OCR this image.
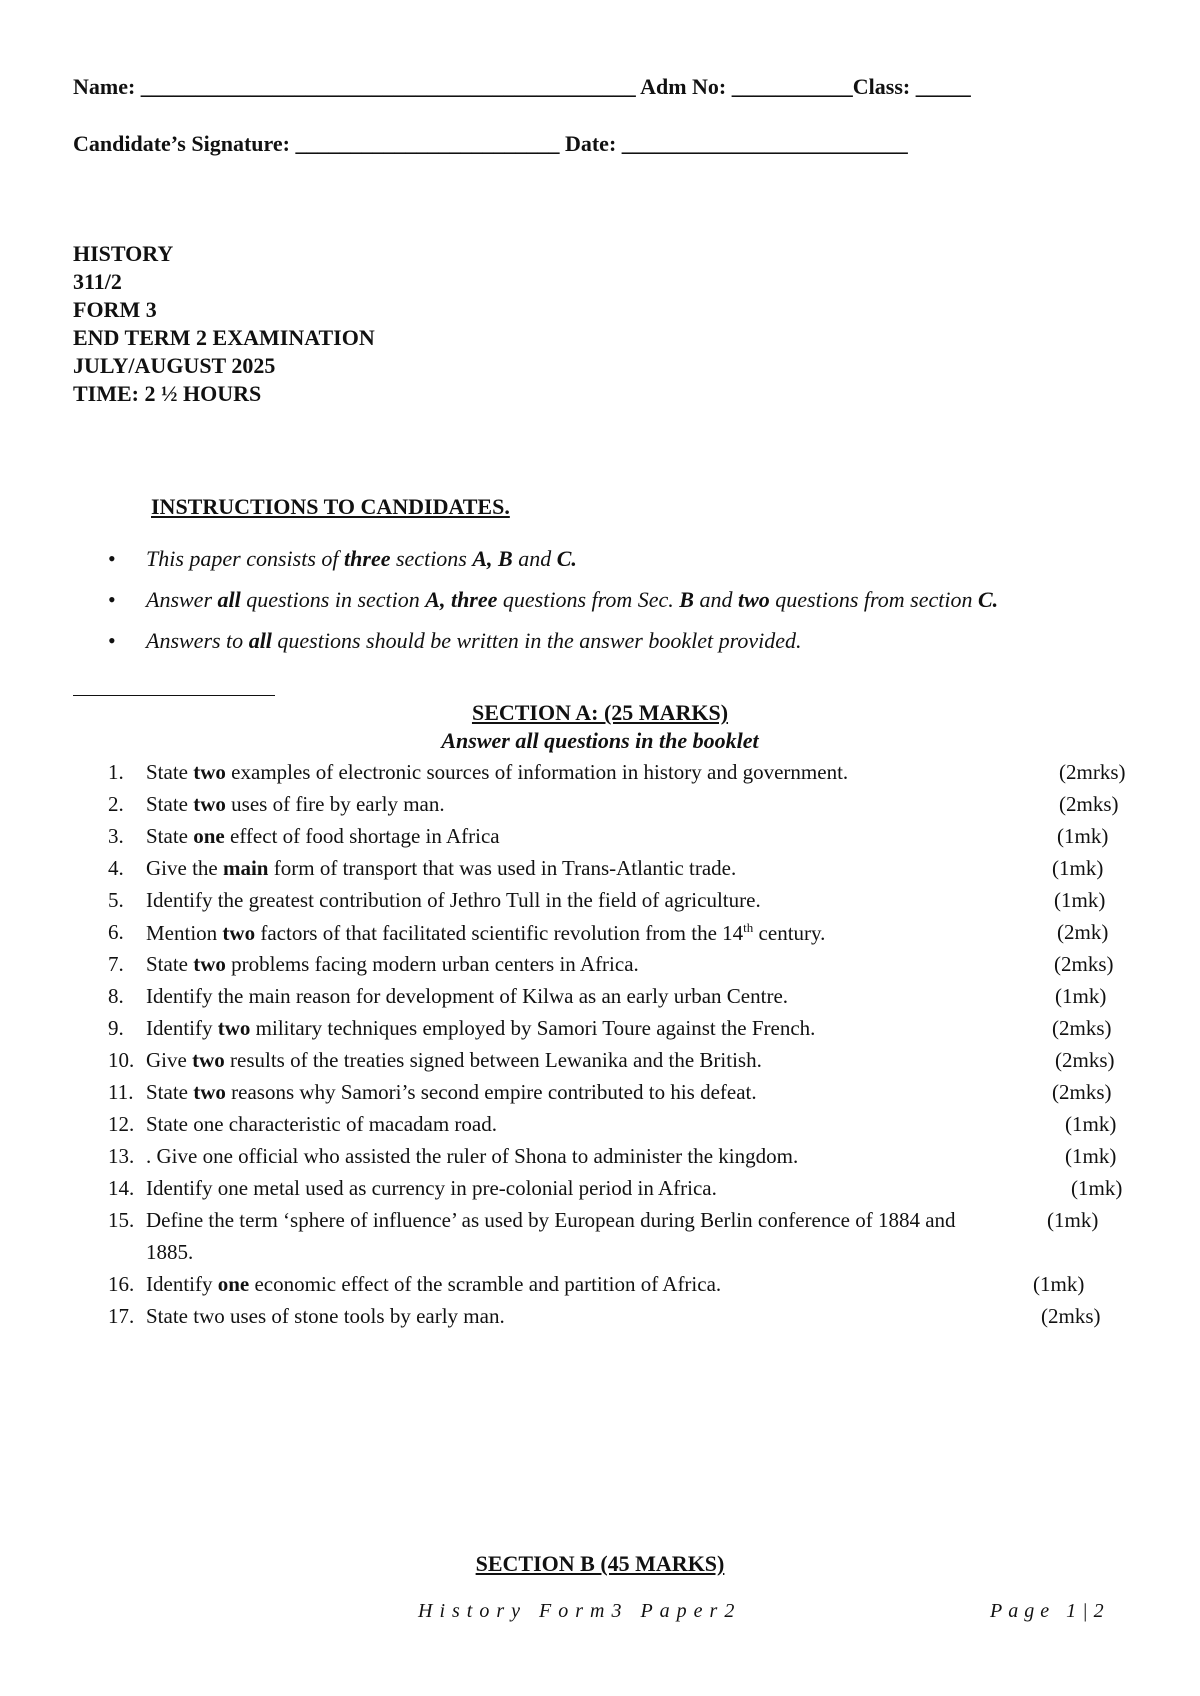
Name: _____________________________________________ Adm No: ___________Class: _____
Candidate’s Signature: ________________________ Date: __________________________
HISTORY
311/2
FORM 3
END TERM 2 EXAMINATION
JULY/AUGUST 2025
TIME: 2 ½ HOURS
INSTRUCTIONS TO CANDIDATES.
• This paper consists of three sections A, B and C.
• Answer all questions in section A, three questions from Sec. B and two questions from section C.
• Answers to all questions should be written in the answer booklet provided.
SECTION A: (25 MARKS)
Answer all questions in the booklet
1. State two examples of electronic sources of information in history and government.	(2mrks)
2. State two uses of fire by early man.	(2mks)
3. State one effect of food shortage in Africa	(1mk)
4. Give the main form of transport that was used in Trans-Atlantic trade.	(1mk)
5. Identify the greatest contribution of Jethro Tull in the field of agriculture.	(1mk)
6. Mention two factors of that facilitated scientific revolution from the 14th century.	(2mk)
7. State two problems facing modern urban centers in Africa.	(2mks)
8. Identify the main reason for development of Kilwa as an early urban Centre.	(1mk)
9. Identify two military techniques employed by Samori Toure against the French.	(2mks)
10. Give two results of the treaties signed between Lewanika and the British.	(2mks)
11. State two reasons why Samori’s second empire contributed to his defeat.	(2mks)
12. State one characteristic of macadam road.	(1mk)
13. . Give one official who assisted the ruler of Shona to administer the kingdom.	(1mk)
14. Identify one metal used as currency in pre-colonial period in Africa.	(1mk)
15. Define the term ‘sphere of influence’ as used by European during Berlin conference of 1884 and	(1mk)
1885.
16. Identify one economic effect of the scramble and partition of Africa.	(1mk)
17. State two uses of stone tools by early man.	(2mks)
SECTION B (45 MARKS)
History Form3 Paper2	Page 1|2
